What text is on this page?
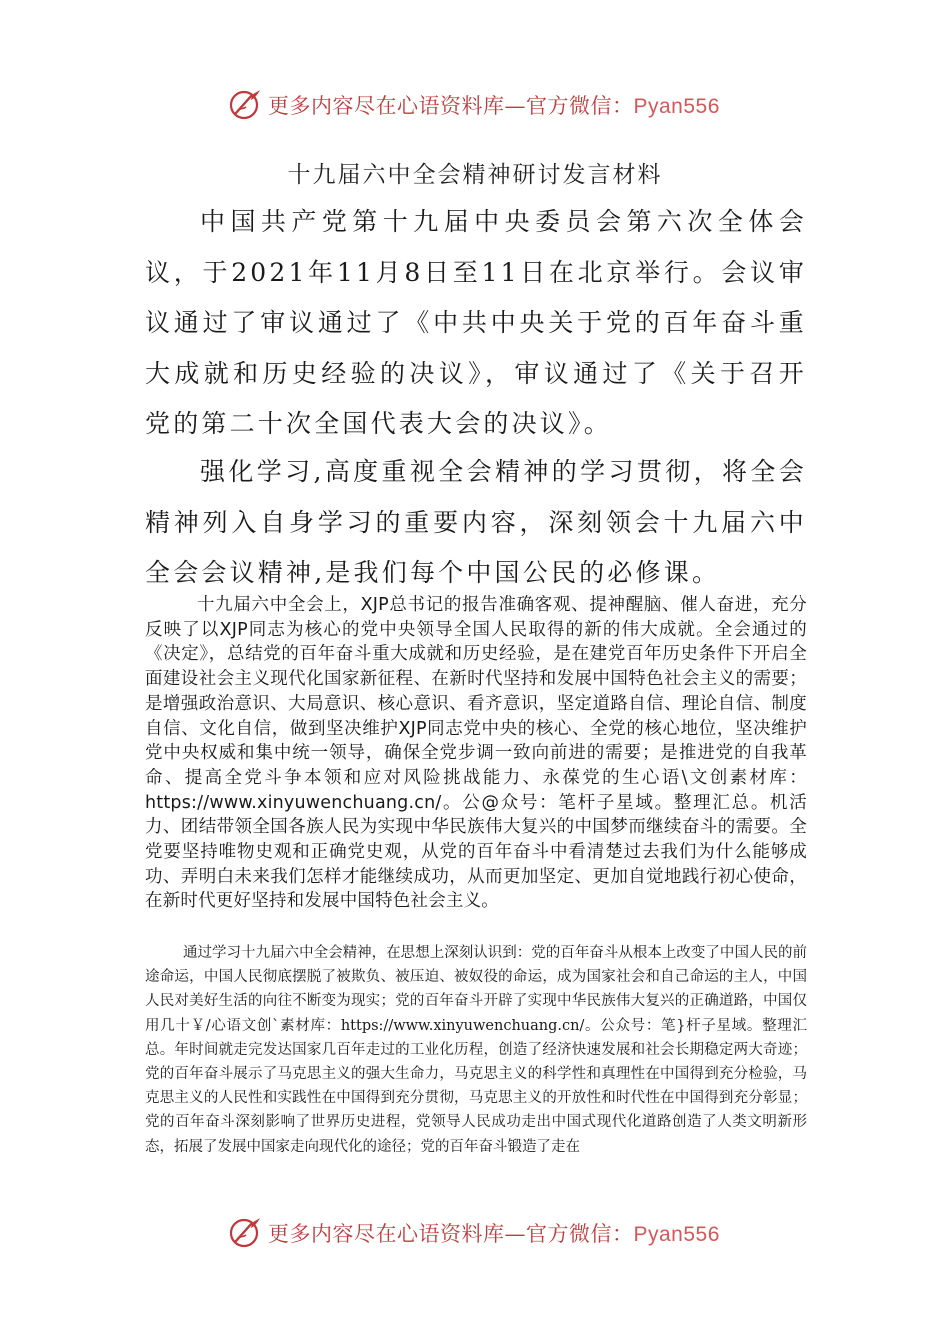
更多内容尽在心语资料库—官方微信：Pyan556
十九届六中全会精神研讨发言材料

中国共产党第十九届中央委员会第六次全体会议，于2021年11月8日至11日在北京举行。会议审议通过了审议通过了《中共中央关于党的百年奋斗重大成就和历史经验的决议》，审议通过了《关于召开党的第二十次全国代表大会的决议》。

强化学习,高度重视全会精神的学习贯彻，将全会精神列入自身学习的重要内容，深刻领会十九届六中全会会议精神,是我们每个中国公民的必修课。

十九届六中全会上，XJP总书记的报告准确客观、提神醒脑、催人奋进，充分反映了以XJP同志为核心的党中央领导全国人民取得的新的伟大成就。全会通过的《决定》，总结党的百年奋斗重大成就和历史经验，是在建党百年历史条件下开启全面建设社会主义现代化国家新征程、在新时代坚持和发展中国特色社会主义的需要；是增强政治意识、大局意识、核心意识、看齐意识，坚定道路自信、理论自信、制度自信、文化自信，做到坚决维护XJP同志党中央的核心、全党的核心地位，坚决维护党中央权威和集中统一领导，确保全党步调一致向前进的需要；是推进党的自我革命、提高全党斗争本领和应对风险挑战能力、永葆党的生心语\文创素材库：https://www.xinyuwenchuang.cn/。公@众号：笔杆子星域。整理汇总。机活力、团结带领全国各族人民为实现中华民族伟大复兴的中国梦而继续奋斗的需要。全党要坚持唯物史观和正确党史观，从党的百年奋斗中看清楚过去我们为什么能够成功、弄明白未来我们怎样才能继续成功，从而更加坚定、更加自觉地践行初心使命，在新时代更好坚持和发展中国特色社会主义。

通过学习十九届六中全会精神，在思想上深刻认识到：党的百年奋斗从根本上改变了中国人民的前途命运，中国人民彻底摆脱了被欺负、被压迫、被奴役的命运，成为国家社会和自己命运的主人，中国人民对美好生活的向往不断变为现实；党的百年奋斗开辟了实现中华民族伟大复兴的正确道路，中国仅用几十￥/心语文创`素材库：https://www.xinyuwenchuang.cn/。公众号：笔}杆子星域。整理汇总。年时间就走完发达国家几百年走过的工业化历程，创造了经济快速发展和社会长期稳定两大奇迹；党的百年奋斗展示了马克思主义的强大生命力，马克思主义的科学性和真理性在中国得到充分检验，马克思主义的人民性和实践性在中国得到充分贯彻，马克思主义的开放性和时代性在中国得到充分彰显；党的百年奋斗深刻影响了世界历史进程，党领导人民成功走出中国式现代化道路创造了人类文明新形态，拓展了发展中国家走向现代化的途径；党的百年奋斗锻造了走在

更多内容尽在心语资料库—官方微信：Pyan556
